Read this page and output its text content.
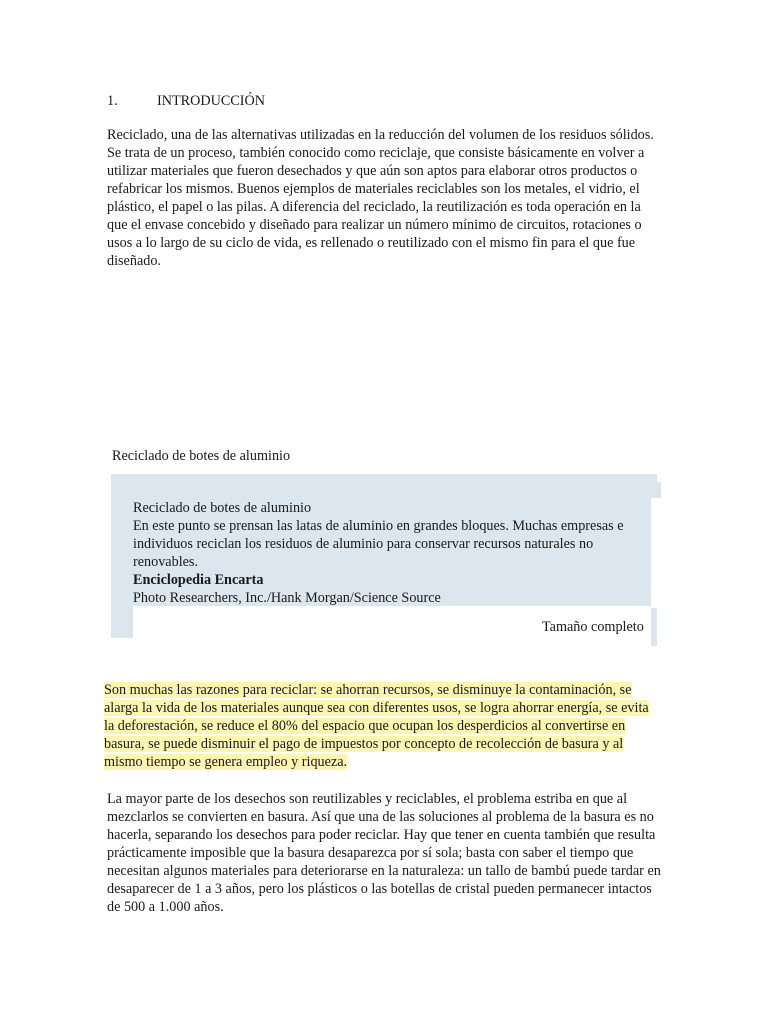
1.	INTRODUCCIÓN

Reciclado, una de las alternativas utilizadas en la reducción del volumen de los residuos sólidos. Se trata de un proceso, también conocido como reciclaje, que consiste básicamente en volver a utilizar materiales que fueron desechados y que aún son aptos para elaborar otros productos o refabricar los mismos. Buenos ejemplos de materiales reciclables son los metales, el vidrio, el plástico, el papel o las pilas. A diferencia del reciclado, la reutilización es toda operación en la que el envase concebido y diseñado para realizar un número mínimo de circuitos, rotaciones o usos a lo largo de su ciclo de vida, es rellenado o reutilizado con el mismo fin para el que fue diseñado.

Reciclado de botes de aluminio
Reciclado de botes de aluminio
En este punto se prensan las latas de aluminio en grandes bloques. Muchas empresas e individuos reciclan los residuos de aluminio para conservar recursos naturales no renovables.
Enciclopedia Encarta
Photo Researchers, Inc./Hank Morgan/Science Source
Tamaño completo

Son muchas las razones para reciclar: se ahorran recursos, se disminuye la contaminación, se alarga la vida de los materiales aunque sea con diferentes usos, se logra ahorrar energía, se evita la deforestación, se reduce el 80% del espacio que ocupan los desperdicios al convertirse en basura, se puede disminuir el pago de impuestos por concepto de recolección de basura y al mismo tiempo se genera empleo y riqueza.

La mayor parte de los desechos son reutilizables y reciclables, el problema estriba en que al mezclarlos se convierten en basura. Así que una de las soluciones al problema de la basura es no hacerla, separando los desechos para poder reciclar. Hay que tener en cuenta también que resulta prácticamente imposible que la basura desaparezca por sí sola; basta con saber el tiempo que necesitan algunos materiales para deteriorarse en la naturaleza: un tallo de bambú puede tardar en desaparecer de 1 a 3 años, pero los plásticos o las botellas de cristal pueden permanecer intactos de 500 a 1.000 años.
